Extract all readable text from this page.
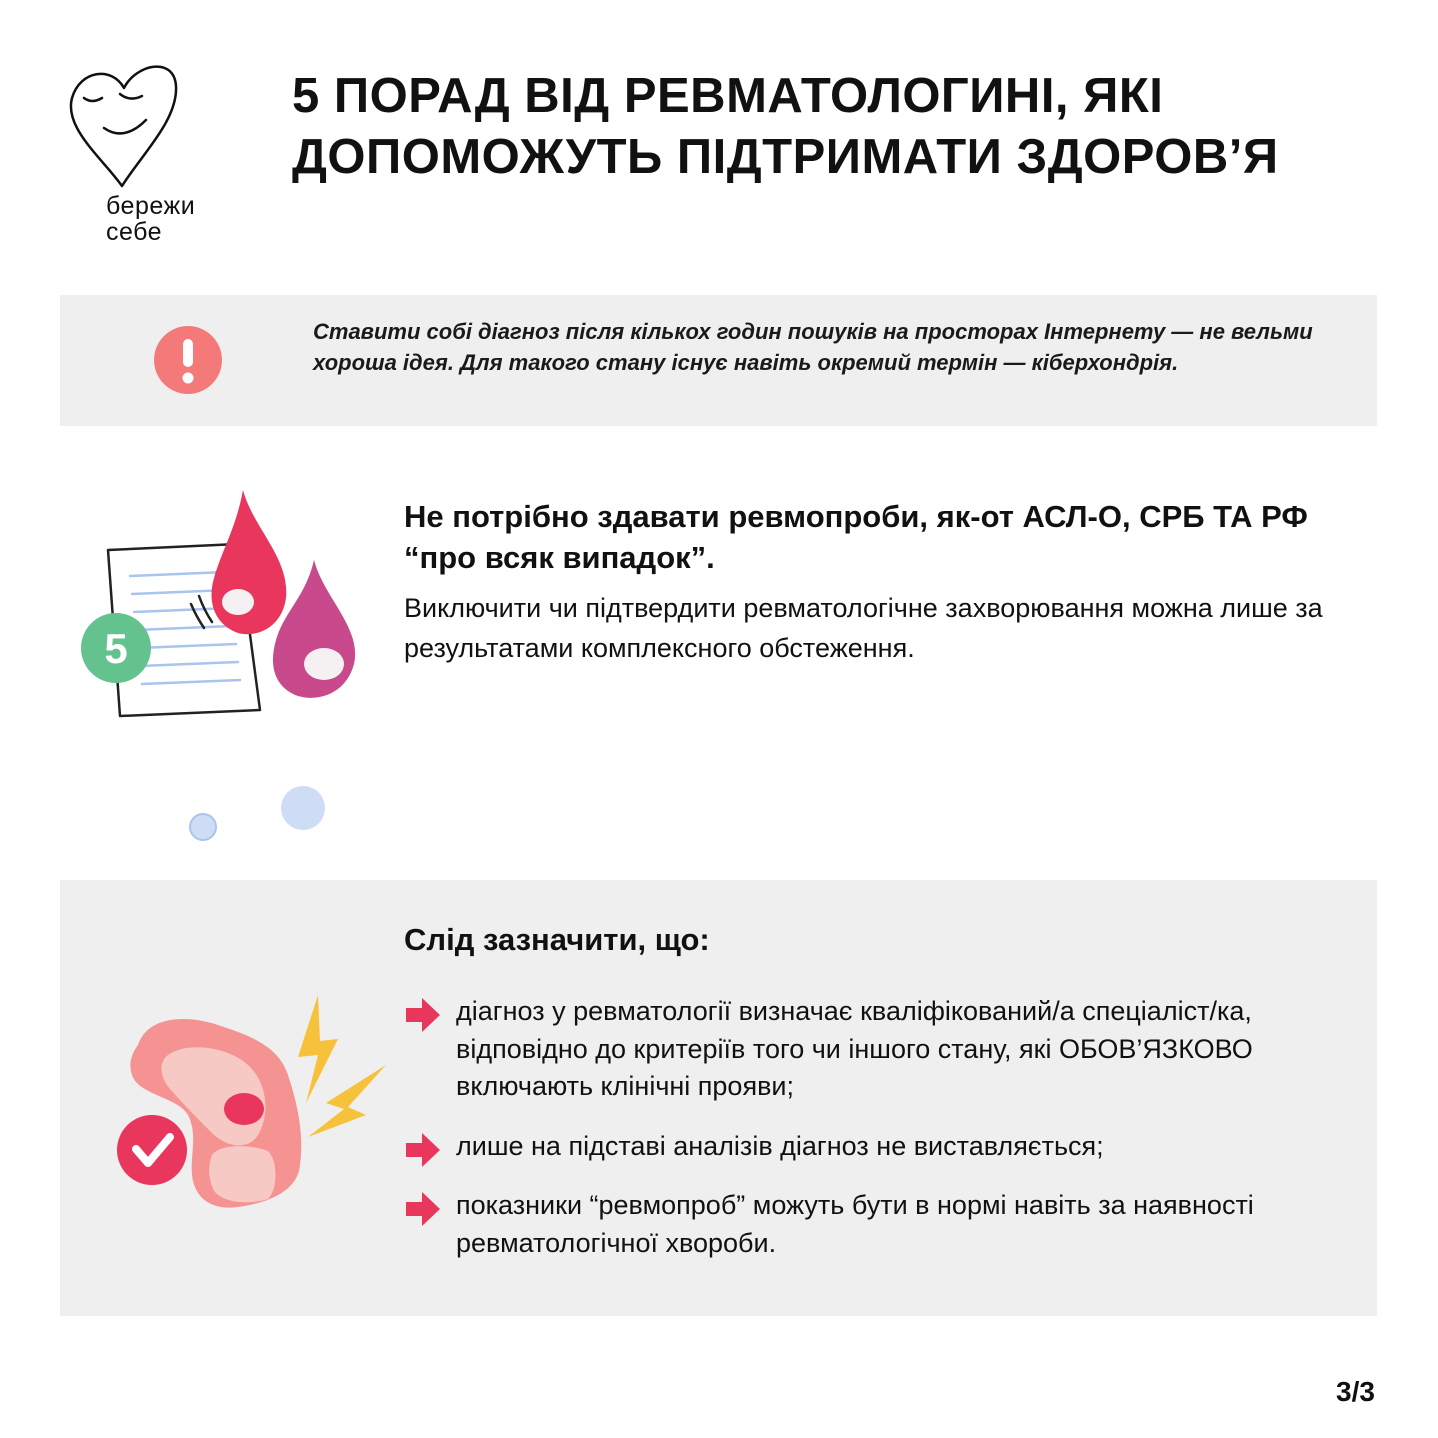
бережи
себе
5 ПОРАД ВІД РЕВМАТОЛОГИНІ, ЯКІ ДОПОМОЖУТЬ ПІДТРИМАТИ ЗДОРОВ’Я

Ставити собі діагноз після кількох годин пошуків на просторах Інтернету — не вельми хороша ідея. Для такого стану існує навіть окремий термін — кіберхондрія.

5
Не потрібно здавати ревмопроби, як-от АСЛ-О, СРБ ТА РФ “про всяк випадок”.

Виключити чи підтвердити ревматологічне захворювання можна лише за результатами комплексного обстеження.

Слід зазначити, що:
діагноз у ревматології визначає кваліфікований/а спеціаліст/ка, відповідно до критеріїв того чи іншого стану, які ОБОВ’ЯЗКОВО включають клінічні прояви;
лише на підставі аналізів діагноз не виставляється;
показники “ревмопроб” можуть бути в нормі навіть за наявності ревматологічної хвороби.
3/3
